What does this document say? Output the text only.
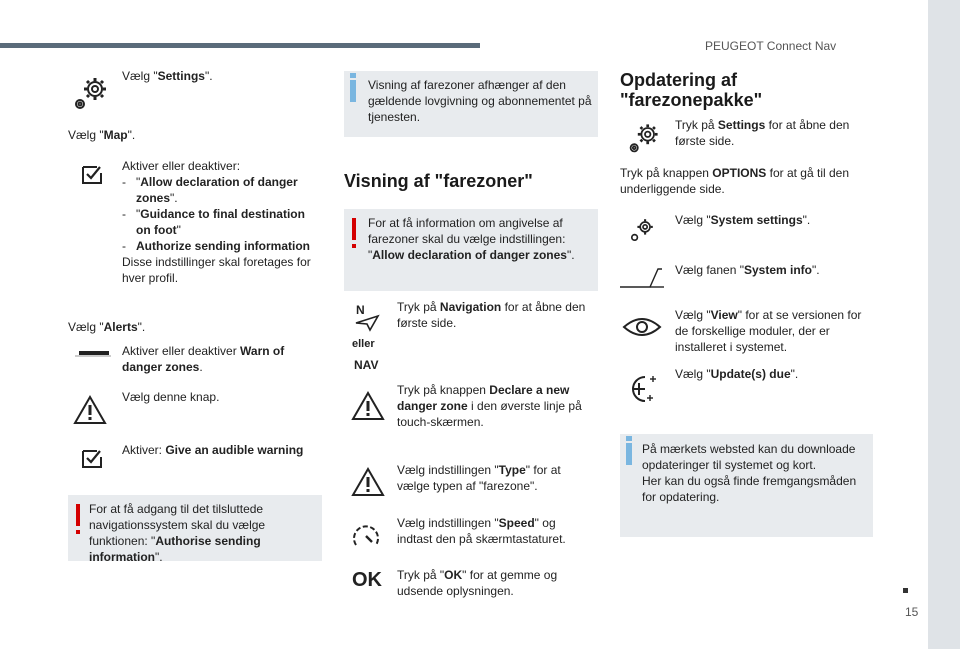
PEUGEOT Connect Nav
15
Vælg "Settings".
Vælg "Map".
Aktiver eller deaktiver:
- "Allow declaration of danger zones".
- "Guidance to final destination on foot"
- Authorize sending information
Disse indstillinger skal foretages for hver profil.
Vælg "Alerts".
Aktiver eller deaktiver Warn of danger zones.
Vælg denne knap.
Aktiver: Give an audible warning
For at få adgang til det tilsluttede navigationssystem skal du vælge funktionen: "Authorise sending information".
Visning af farezoner afhænger af den gældende lovgivning og abonnementet på tjenesten.
Visning af "farezoner"
For at få information om angivelse af farezoner skal du vælge indstillingen: "Allow declaration of danger zones".
N
eller
NAV
Tryk på Navigation for at åbne den første side.
Tryk på knappen Declare a new danger zone i den øverste linje på touch-skærmen.
Vælg indstillingen "Type" for at vælge typen af "farezone".
Vælg indstillingen "Speed" og indtast den på skærmtastaturet.
OK Tryk på "OK" for at gemme og udsende oplysningen.
Opdatering af "farezonepakke"
Tryk på Settings for at åbne den første side.
Tryk på knappen OPTIONS for at gå til den underliggende side.
Vælg "System settings".
Vælg fanen "System info".
Vælg "View" for at se versionen for de forskellige moduler, der er installeret i systemet.
Vælg "Update(s) due".
På mærkets websted kan du downloade opdateringer til systemet og kort.
Her kan du også finde fremgangsmåden for opdatering.
